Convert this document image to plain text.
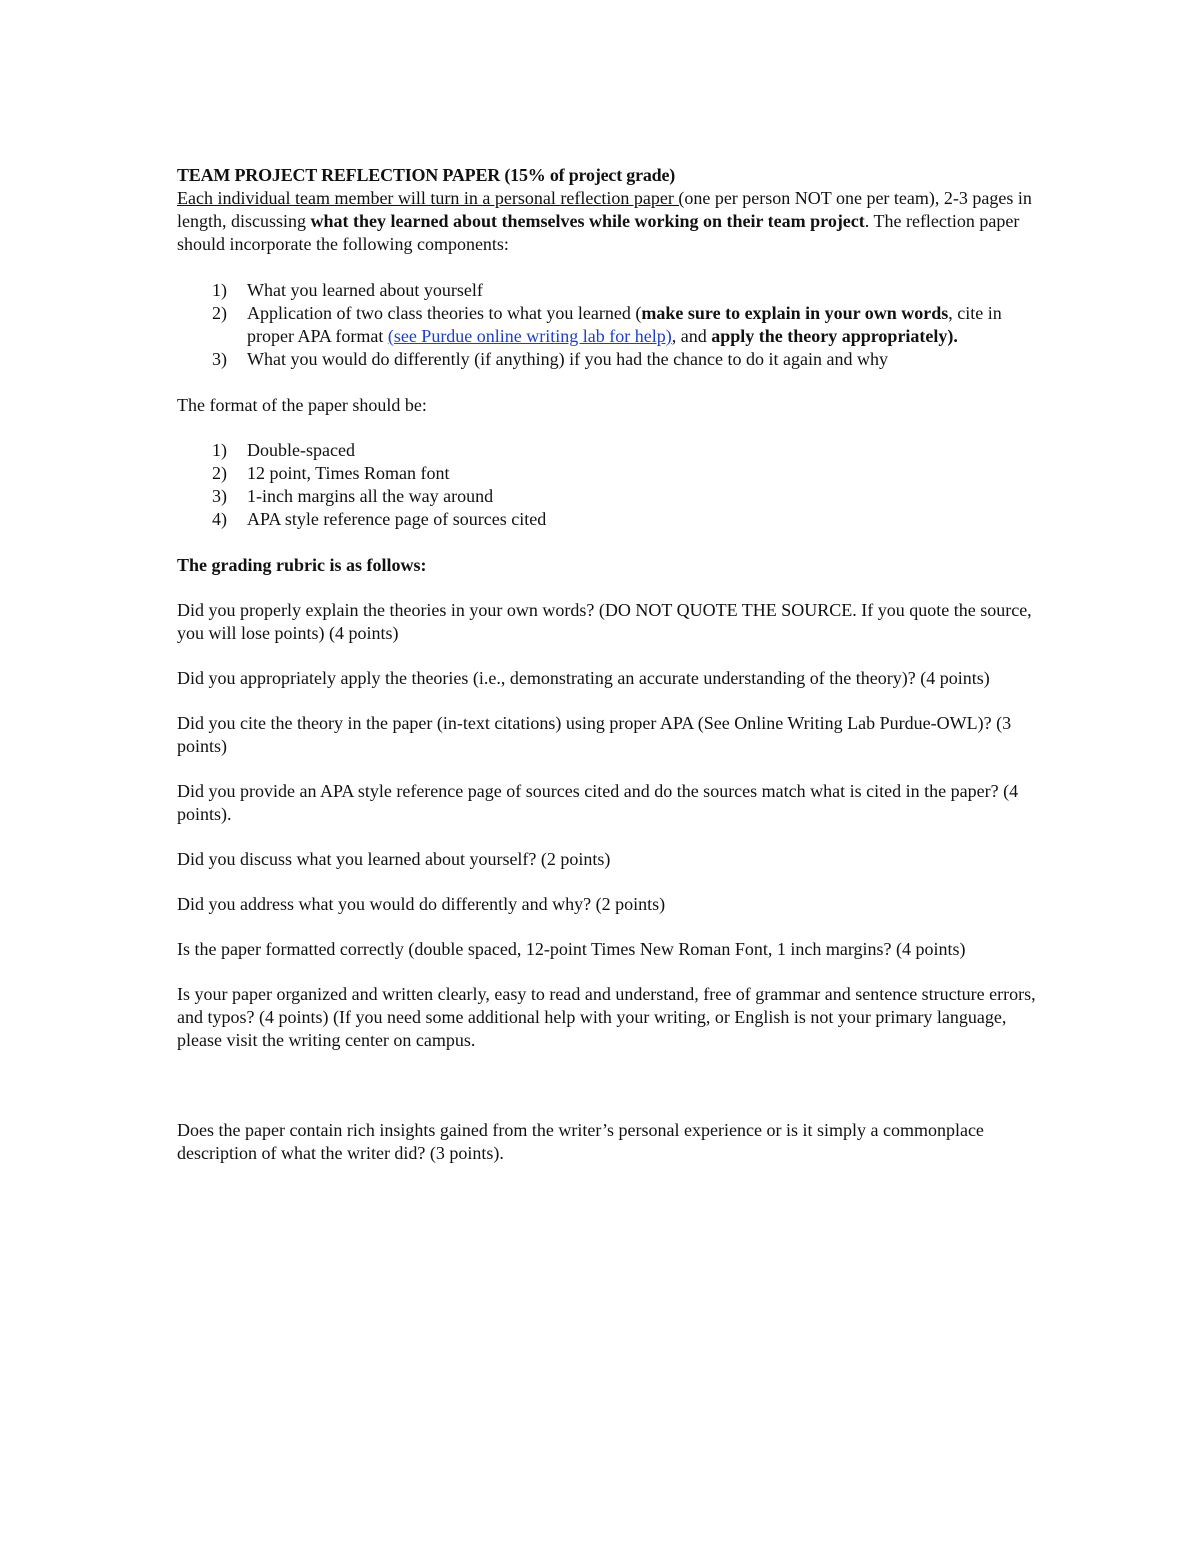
TEAM PROJECT REFLECTION PAPER (15% of project grade)

Each individual team member will turn in a personal reflection paper (one per person NOT one per team), 2-3 pages in length, discussing what they learned about themselves while working on their team project. The reflection paper should incorporate the following components:

1) What you learned about yourself
2) Application of two class theories to what you learned (make sure to explain in your own words, cite in proper APA format (see Purdue online writing lab for help), and apply the theory appropriately).
3) What you would do differently (if anything) if you had the chance to do it again and why

The format of the paper should be:

1) Double-spaced
2) 12 point, Times Roman font
3) 1-inch margins all the way around
4) APA style reference page of sources cited

The grading rubric is as follows:

Did you properly explain the theories in your own words? (DO NOT QUOTE THE SOURCE. If you quote the source, you will lose points) (4 points)

Did you appropriately apply the theories (i.e., demonstrating an accurate understanding of the theory)? (4 points)

Did you cite the theory in the paper (in-text citations) using proper APA (See Online Writing Lab Purdue-OWL)? (3 points)

Did you provide an APA style reference page of sources cited and do the sources match what is cited in the paper? (4 points).

Did you discuss what you learned about yourself? (2 points)

Did you address what you would do differently and why? (2 points)

Is the paper formatted correctly (double spaced, 12-point Times New Roman Font, 1 inch margins? (4 points)

Is your paper organized and written clearly, easy to read and understand, free of grammar and sentence structure errors, and typos? (4 points) (If you need some additional help with your writing, or English is not your primary language, please visit the writing center on campus.

Does the paper contain rich insights gained from the writer’s personal experience or is it simply a commonplace description of what the writer did? (3 points).
